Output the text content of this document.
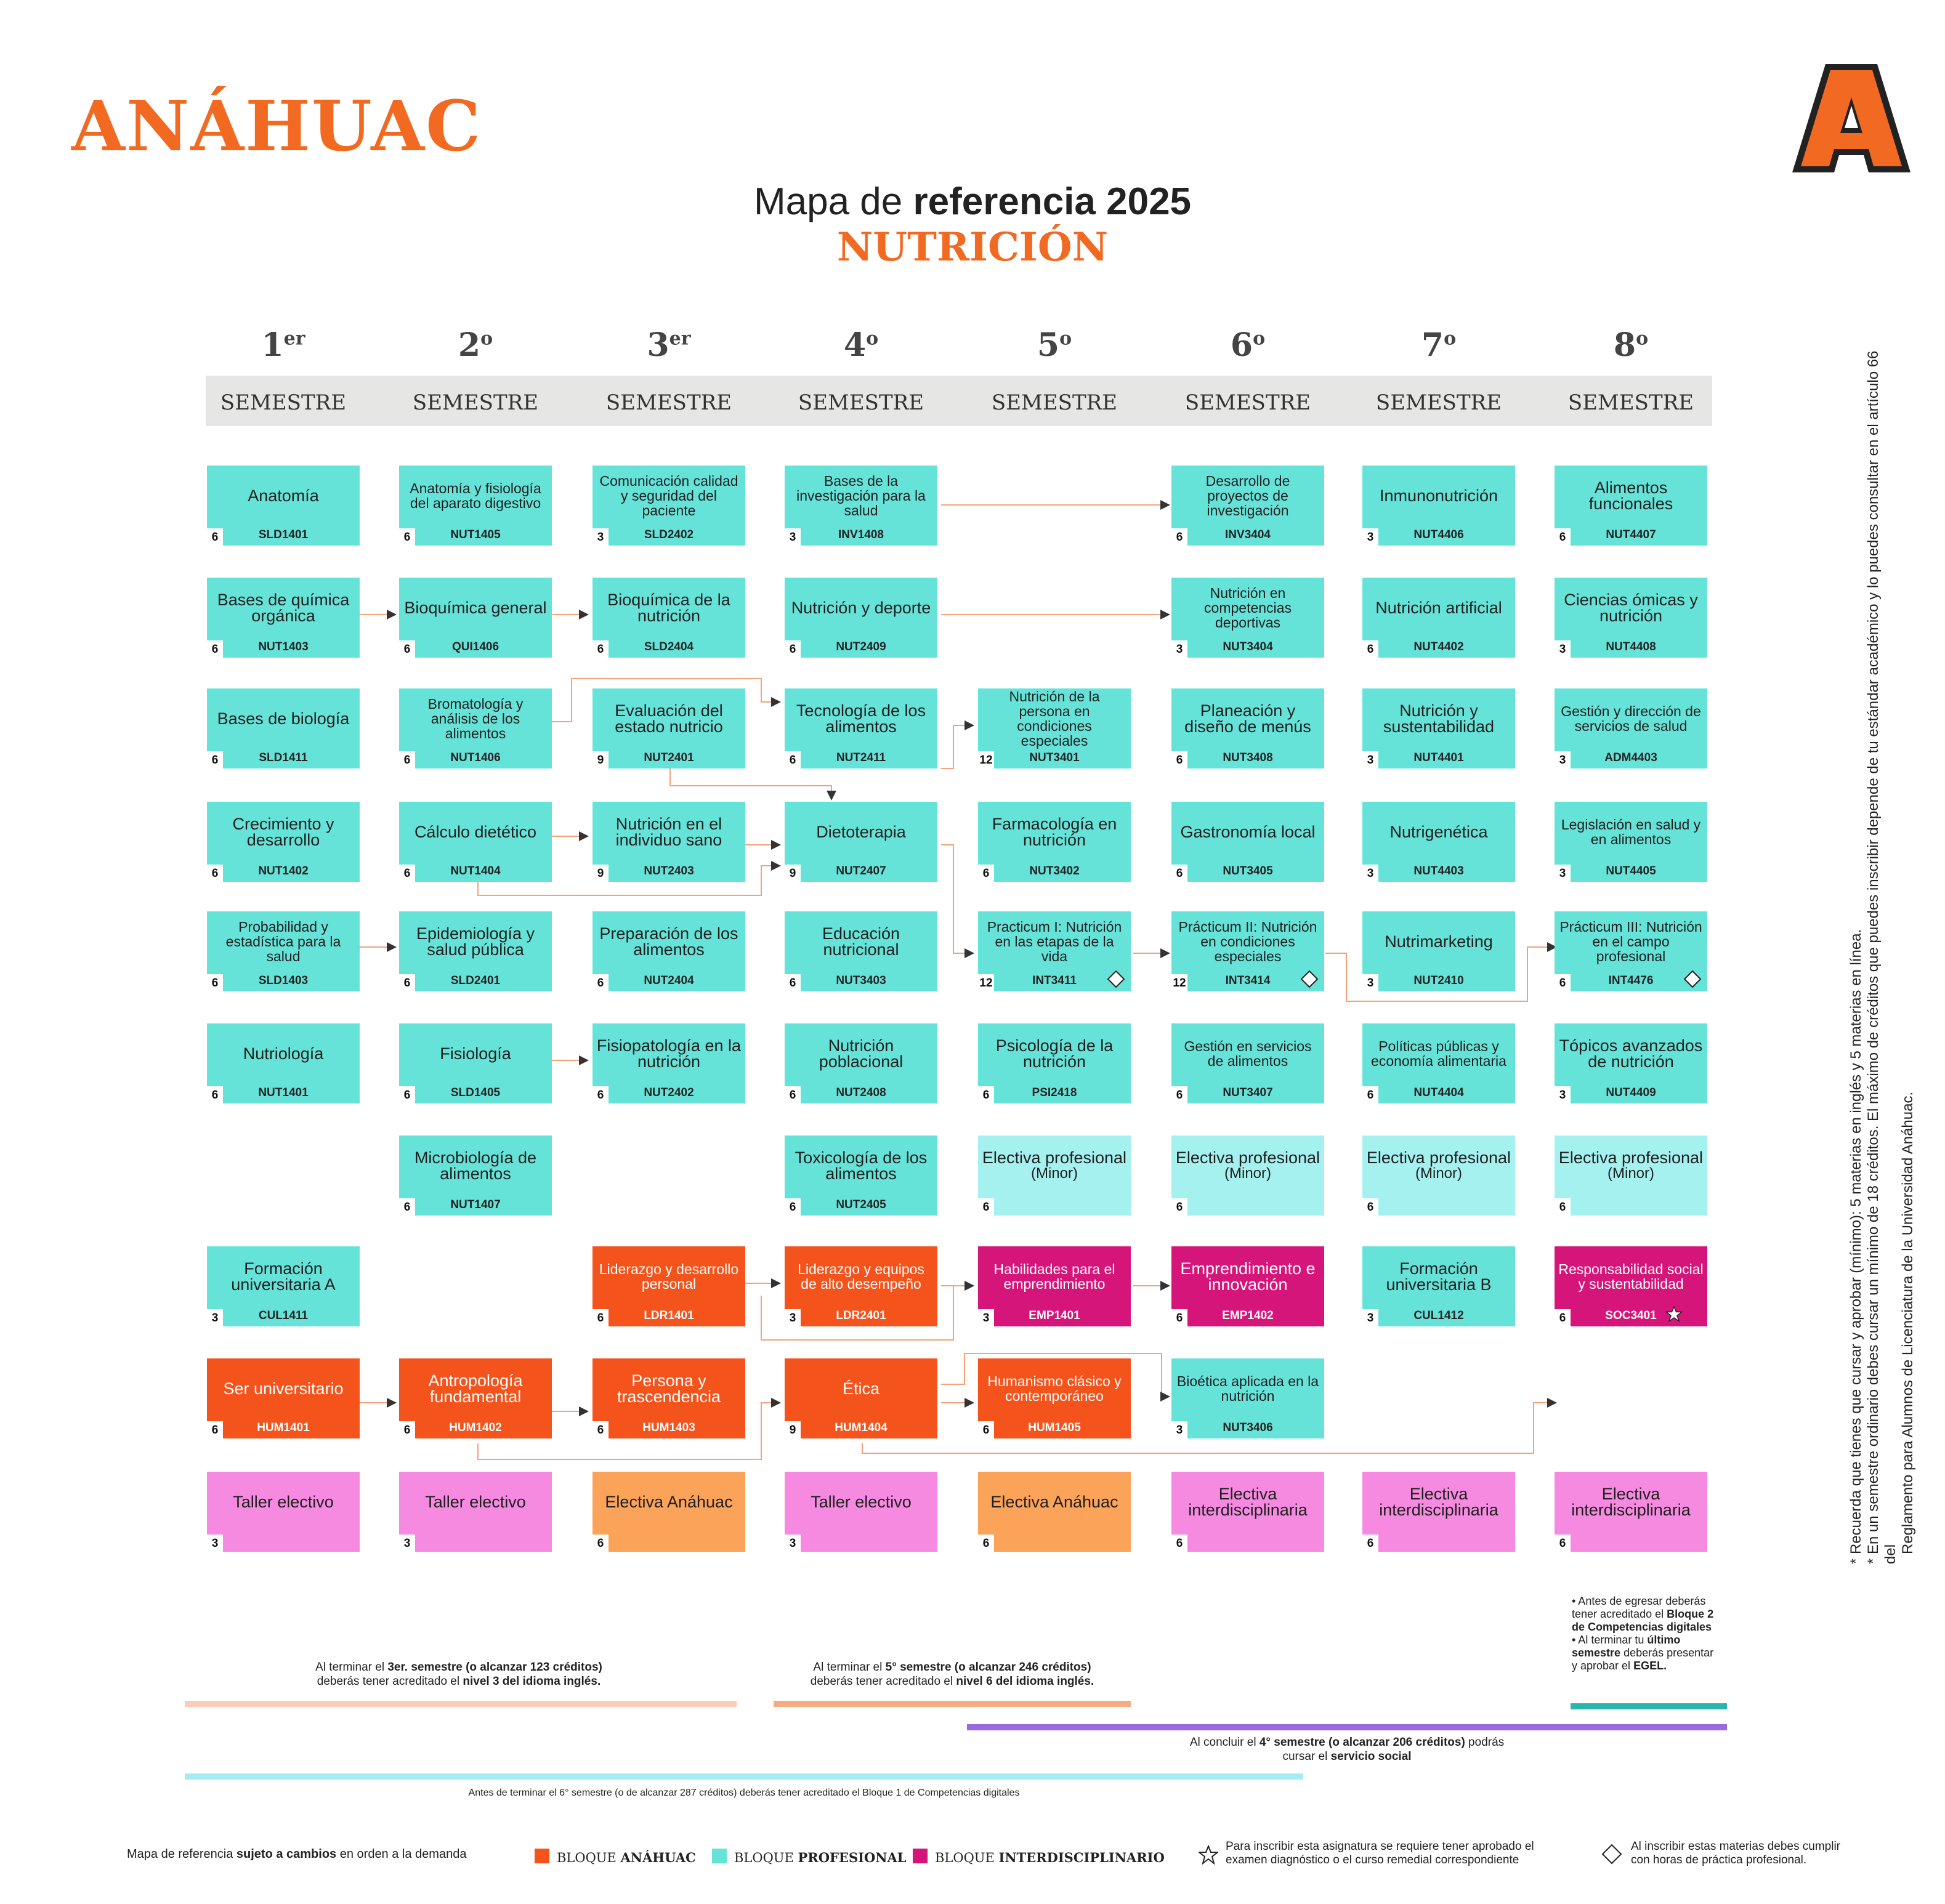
ANÁHUAC
Mapa de referencia 2025
NUTRICIÓN
1er
SEMESTRE
2$^o$
SEMESTRE
3er
SEMESTRE
4$^o$
SEMESTRE
5$^o$
SEMESTRE
6$^o$
SEMESTRE
7$^o$
SEMESTRE
8$^o$
SEMESTRE
Anatomía
6	SLD1401
Bases de química orgánica
6	NUT1403
Bases de biología
6	SLD1411
Crecimiento y desarrollo
6	NUT1402
Probabilidad y estadística para la salud
6	SLD1403
Nutriología
6	NUT1401
Formación universitaria A
3	CUL1411
Ser universitario
6	HUM1401
Taller electivo
3
Anatomía y fisiología del aparato digestivo
6	NUT1405
Bioquímica general
6	QUI1406
Bromatología y análisis de los alimentos
6	NUT1406
Cálculo dietético
6	NUT1404
Epidemiología y salud pública
6	SLD2401
Fisiología
6	SLD1405
Microbiología de alimentos
6	NUT1407
Antropología fundamental
6	HUM1402
Taller electivo
3
Comunicación calidad y seguridad del paciente
3	SLD2402
Bioquímica de la nutrición
6	SLD2404
Evaluación del estado nutricio
9	NUT2401
Nutrición en el individuo sano
9	NUT2403
Preparación de los alimentos
6	NUT2404
Fisiopatología en la nutrición
6	NUT2402
Liderazgo y desarrollo personal
6	LDR1401
Persona y trascendencia
6	HUM1403
Electiva Anáhuac
6
Bases de la investigación para la salud
3	INV1408
Nutrición y deporte
6	NUT2409
Tecnología de los alimentos
6	NUT2411
Dietoterapia
9	NUT2407
Educación nutricional
6	NUT3403
Nutrición poblacional
6	NUT2408
Toxicología de los alimentos
6	NUT2405
Liderazgo y equipos de alto desempeño
3	LDR2401
Ética
9	HUM1404
Taller electivo
3
Nutrición de la persona en condiciones especiales
12	NUT3401
Farmacología en nutrición
6	NUT3402
Practicum I: Nutrición en las etapas de la vida
12	INT3411
Psicología de la nutrición
6	PSI2418
Electiva profesional
(Minor)
6
Habilidades para el emprendimiento
3	EMP1401
Humanismo clásico y contemporáneo
6	HUM1405
Electiva Anáhuac
6
Desarrollo de proyectos de investigación
6	INV3404
Nutrición en competencias deportivas
3	NUT3404
Planeación y diseño de menús
6	NUT3408
Gastronomía local
6	NUT3405
Prácticum II: Nutrición en condiciones especiales
12	INT3414
Gestión en servicios de alimentos
6	NUT3407
Electiva profesional
(Minor)
6
Emprendimiento e innovación
6	EMP1402
Bioética aplicada en la nutrición
3	NUT3406
Electiva interdisciplinaria
6
Inmunonutrición
3	NUT4406
Nutrición artificial
6	NUT4402
Nutrición y sustentabilidad
3	NUT4401
Nutrigenética
3	NUT4403
Nutrimarketing
3	NUT2410
Políticas públicas y economía alimentaria
6	NUT4404
Electiva profesional
(Minor)
6
Formación universitaria B
3	CUL1412
Electiva interdisciplinaria
6
Alimentos funcionales
6	NUT4407
Ciencias ómicas y nutrición
3	NUT4408
Gestión y dirección de servicios de salud
3	ADM4403
Legislación en salud y en alimentos
3	NUT4405
Prácticum III: Nutrición en el campo profesional
6	INT4476
Tópicos avanzados de nutrición
3	NUT4409
Electiva profesional
(Minor)
6
Responsabilidad social y sustentabilidad
6	SOC3401
Electiva interdisciplinaria
6
Al terminar el 3er. semestre (o alcanzar 123 créditos)
deberás tener acreditado el nivel 3 del idioma inglés.
Al terminar el 5° semestre (o alcanzar 246 créditos)
deberás tener acreditado el nivel 6 del idioma inglés.
• Antes de egresar deberás tener acreditado el Bloque 2 de Competencias digitales
• Al terminar tu último semestre deberás presentar y aprobar el EGEL.
Al concluir el 4° semestre (o alcanzar 206 créditos) podrás
cursar el servicio social
Antes de terminar el 6° semestre (o de alcanzar 287 créditos) deberás tener acreditado el Bloque 1 de Competencias digitales
Mapa de referencia sujeto a cambios en orden a la demanda	BLOQUE ANÁHUAC	BLOQUE PROFESIONAL BLOQUE INTERDISCIPLINARIO
Para inscribir esta asignatura se requiere tener aprobado el
examen diagnóstico o el curso remedial correspondiente
Al inscribir estas materias debes cumplir
con horas de práctica profesional.
* Recuerda que tienes que cursar y aprobar (mínimo): 5 materias en inglés y 5 materias en línea. * En un semestre ordinario debes cursar un mínimo de 18 créditos. El máximo de créditos que puedes inscribir depende de tu estándar académico y lo puedes consultar en el artículo 66 del Reglamento para Alumnos de Licenciatura de la Universidad Anáhuac.
